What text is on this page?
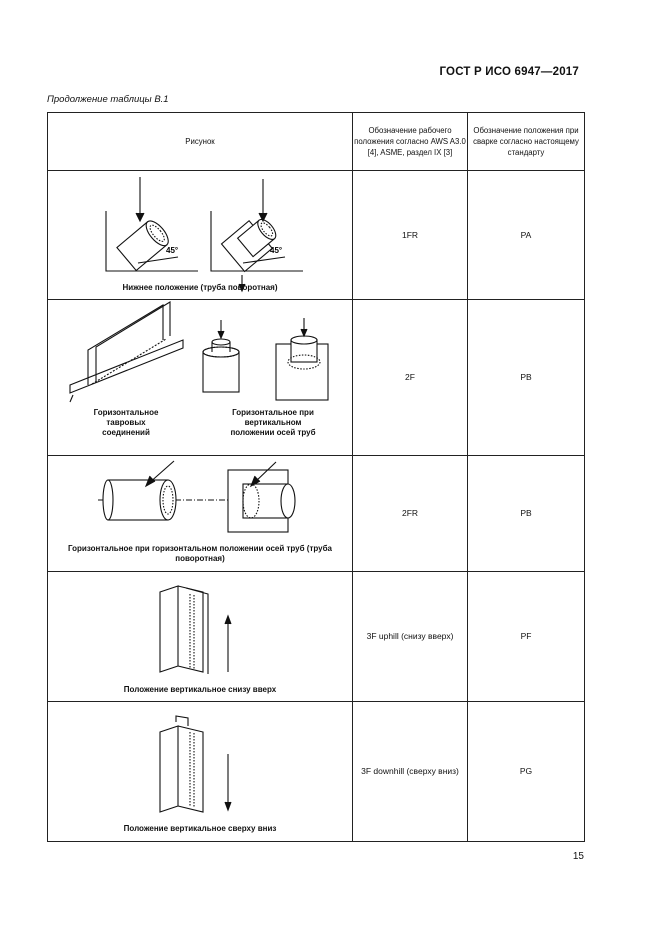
ГОСТ Р ИСО 6947—2017
Продолжение таблицы B.1
Рисунок	Обозначение рабочего положения согласно AWS A3.0 [4], ASME, раздел IX [3]	Обозначение положения при сварке согласно настоящему стандарту

45° 45°
Нижнее положение (труба поворотная)	1FR	PA

Горизонтальное тавровых соединений
Горизонтальное при вертикальном положении осей труб	2F	PB

Горизонтальное при горизонтальном положении осей труб (труба поворотная)	2FR	PB

Положение вертикальное снизу вверх	3F uphill (снизу вверх)	PF

Положение вертикальное сверху вниз	3F downhill (сверху вниз)	PG
15
